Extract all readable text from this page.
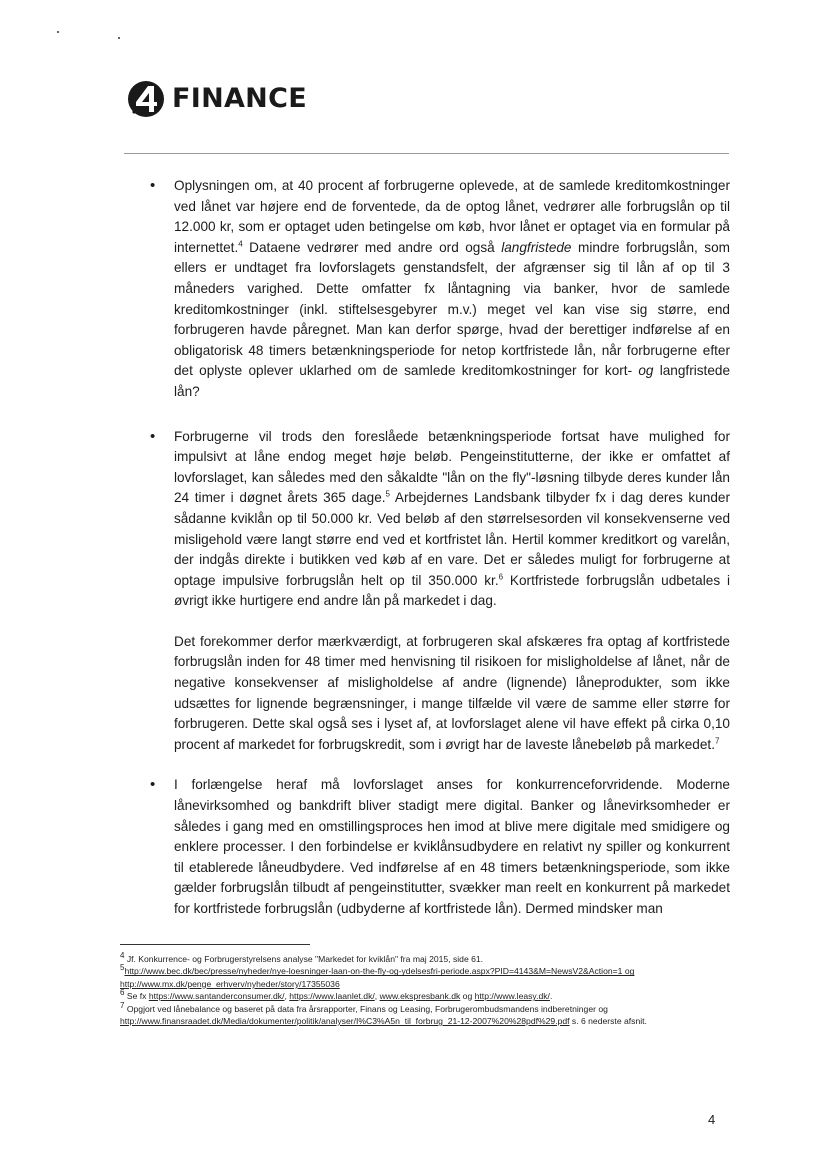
FINANCE
• Oplysningen om, at 40 procent af forbrugerne oplevede, at de samlede kreditomkostninger ved lånet var højere end de forventede, da de optog lånet, vedrører alle forbrugslån op til 12.000 kr, som er optaget uden betingelse om køb, hvor lånet er optaget via en formular på internettet.$^4$ Dataene vedrører med andre ord også langfristede mindre forbrugslån, som ellers er undtaget fra lovforslagets genstandsfelt, der afgrænser sig til lån af op til 3 måneders varighed. Dette omfatter fx låntagning via banker, hvor de samlede kreditomkostninger (inkl. stiftelsesgebyrer m.v.) meget vel kan vise sig større, end forbrugeren havde påregnet. Man kan derfor spørge, hvad der berettiger indførelse af en obligatorisk 48 timers betænkningsperiode for netop kortfristede lån, når forbrugerne efter det oplyste oplever uklarhed om de samlede kreditomkostninger for kort- og langfristede lån?

• Forbrugerne vil trods den foreslåede betænkningsperiode fortsat have mulighed for impulsivt at låne endog meget høje beløb. Pengeinstitutterne, der ikke er omfattet af lovforslaget, kan således med den såkaldte "lån on the fly"-løsning tilbyde deres kunder lån 24 timer i døgnet årets 365 dage.$^5$ Arbejdernes Landsbank tilbyder fx i dag deres kunder sådanne kviklån op til 50.000 kr. Ved beløb af den størrelsesorden vil konsekvenserne ved misligehold være langt større end ved et kortfristet lån. Hertil kommer kreditkort og varelån, der indgås direkte i butikken ved køb af en vare. Det er således muligt for forbrugerne at optage impulsive forbrugslån helt op til 350.000 kr.$^6$ Kortfristede forbrugslån udbetales i øvrigt ikke hurtigere end andre lån på markedet i dag.

Det forekommer derfor mærkværdigt, at forbrugeren skal afskæres fra optag af kortfristede forbrugslån inden for 48 timer med henvisning til risikoen for misligholdelse af lånet, når de negative konsekvenser af misligholdelse af andre (lignende) låneprodukter, som ikke udsættes for lignende begrænsninger, i mange tilfælde vil være de samme eller større for forbrugeren. Dette skal også ses i lyset af, at lovforslaget alene vil have effekt på cirka 0,10 procent af markedet for forbrugskredit, som i øvrigt har de laveste lånebeløb på markedet.$^7$

• I forlængelse heraf må lovforslaget anses for konkurrenceforvridende. Moderne lånevirksomhed og bankdrift bliver stadigt mere digital. Banker og lånevirksomheder er således i gang med en omstillingsproces hen imod at blive mere digitale med smidigere og enklere processer. I den forbindelse er kviklånsudbydere en relativt ny spiller og konkurrent til etablerede låneudbydere. Ved indførelse af en 48 timers betænkningsperiode, som ikke gælder forbrugslån tilbudt af pengeinstitutter, svækker man reelt en konkurrent på markedet for kortfristede forbrugslån (udbyderne af kortfristede lån). Dermed mindsker man

$^4$ Jf. Konkurrence- og Forbrugerstyrelsens analyse "Markedet for kviklån" fra maj 2015, side 61.
$^5$http://www.bec.dk/bec/presse/nyheder/nye-loesninger-laan-on-the-fly-og-ydelsesfri-periode.aspx?PID=4143&M=NewsV2&Action=1 og
http://www.mx.dk/penge_erhverv/nyheder/story/17355036
$^6$ Se fx https://www.santanderconsumer.dk/, https://www.laanlet.dk/, www.ekspresbank.dk og http://www.leasy.dk/.
$^7$ Opgjort ved lånebalance og baseret på data fra årsrapporter, Finans og Leasing, Forbrugerombudsmandens indberetninger og
http://www.finansraadet.dk/Media/dokumenter/politik/analyser/I%C3%A5n_til_forbrug_21-12-2007%20%28pdf%29.pdf s. 6 nederste afsnit.
4
